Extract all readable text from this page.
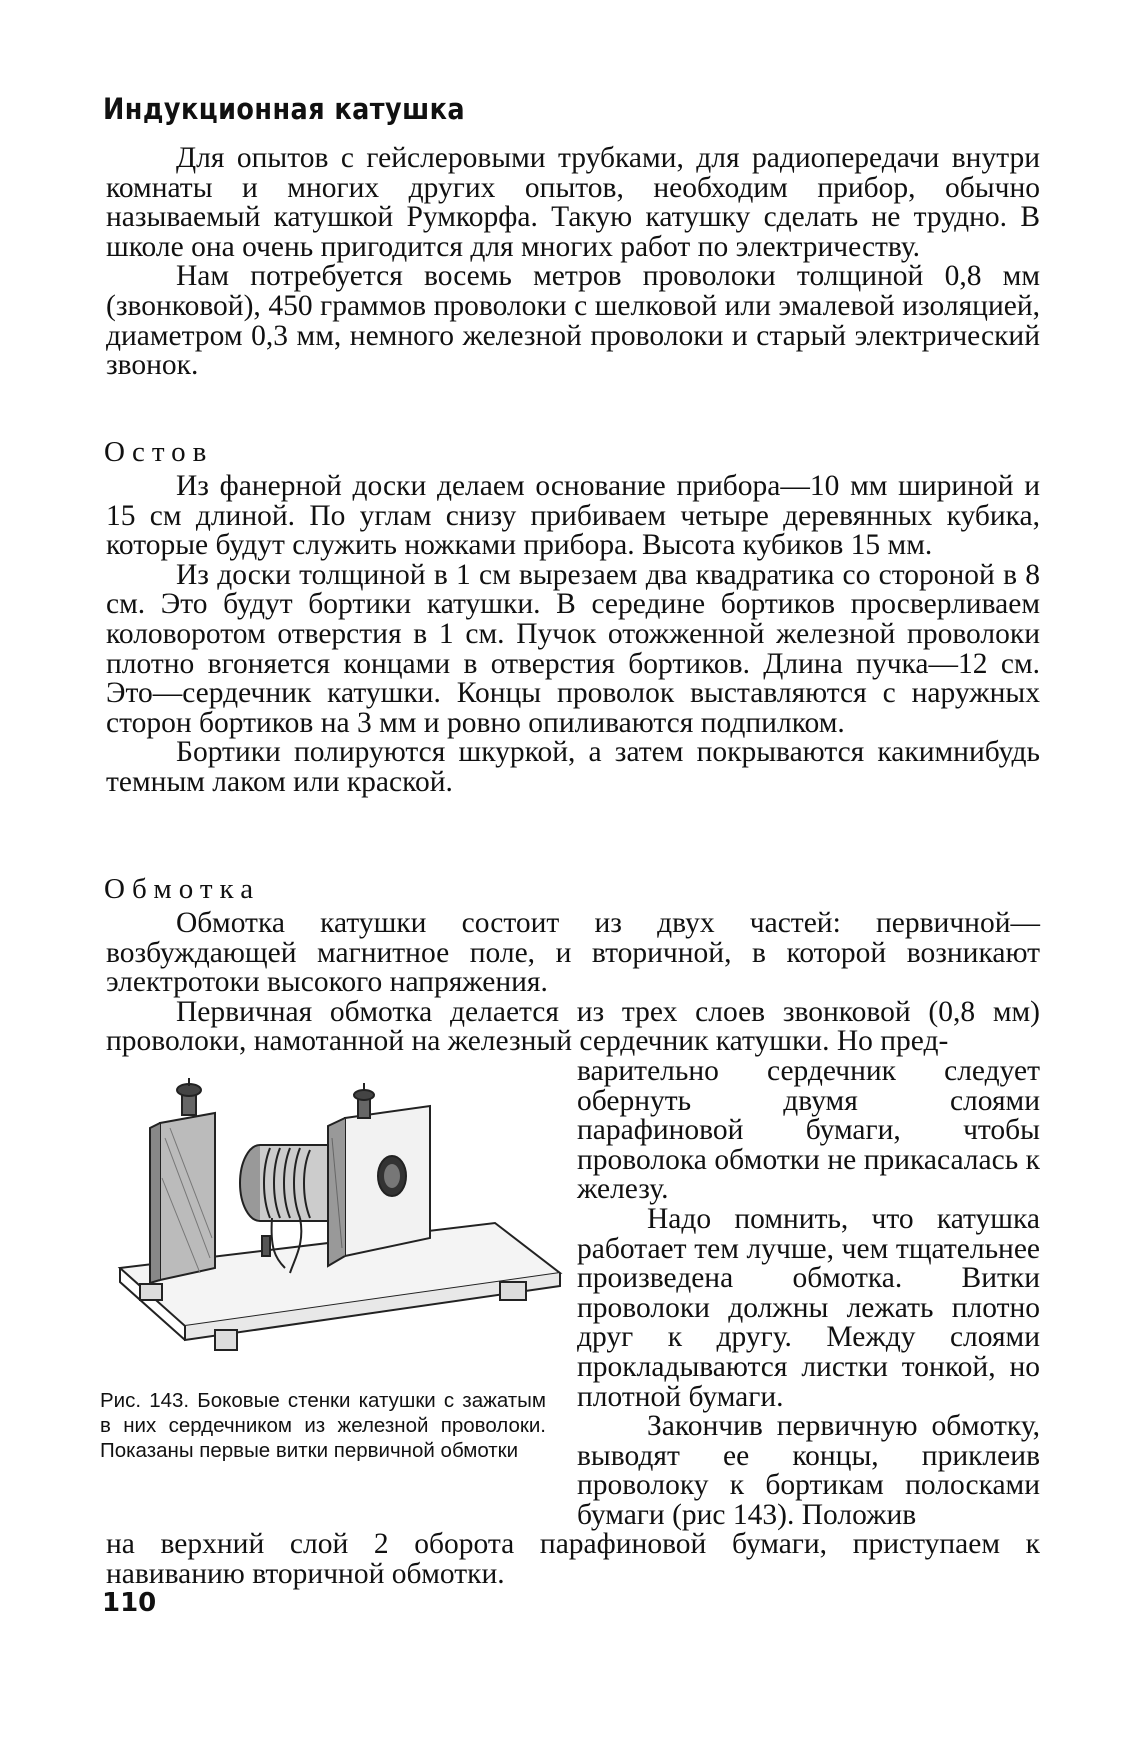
Индукционная катушка

Для опытов с гейслеровыми трубками, для радиопередачи внутри комнаты и многих других опытов, необходим прибор, обычно называемый катушкой Румкорфа. Такую катушку сделать не трудно. В школе она очень пригодится для многих работ по электричеству.

Нам потребуется восемь метров проволоки толщиной 0,8 мм (звонковой), 450 граммов проволоки с шелковой или эмалевой изоляцией, диаметром 0,3 мм, немного железной проволоки и старый электрический звонок.

Остов

Из фанерной доски делаем основание прибора—10 мм шириной и 15 см длиной. По углам снизу прибиваем четыре деревянных кубика, которые будут служить ножками прибора. Высота кубиков 15 мм.

Из доски толщиной в 1 см вырезаем два квадратика со стороной в 8 см. Это будут бортики катушки. В середине бортиков просверливаем коловоротом отверстия в 1 см. Пучок отожженной железной проволоки плотно вгоняется концами в отверстия бортиков. Длина пучка—12 см. Это—сердечник катушки. Концы проволок выставляются с наружных сторон бортиков на 3 мм и ровно опиливаются подпилком.

Бортики полируются шкуркой, а затем покрываются какимнибудь темным лаком или краской.

Обмотка

Обмотка катушки состоит из двух частей: первичной—возбуждающей магнитное поле, и вторичной, в которой возникают электротоки высокого напряжения.

Первичная обмотка делается из трех слоев звонковой (0,8 мм) проволоки, намотанной на железный сердечник катушки. Но пред-

Рис. 143. Боковые стенки катушки с зажатым в них сердечником из железной проволоки. Показаны первые витки первичной обмотки

варительно сердечник следует обернуть двумя слоями парафиновой бумаги, чтобы проволока обмотки не прикасалась к железу.

Надо помнить, что катушка работает тем лучше, чем тщательнее произведена обмотка. Витки проволоки должны лежать плотно друг к другу. Между слоями прокладываются листки тонкой, но плотной бумаги.

Закончив первичную обмотку, выводят ее концы, приклеив проволоку к бортикам полосками бумаги (рис 143). Положив

на верхний слой 2 оборота парафиновой бумаги, приступаем к навиванию вторичной обмотки.

110
